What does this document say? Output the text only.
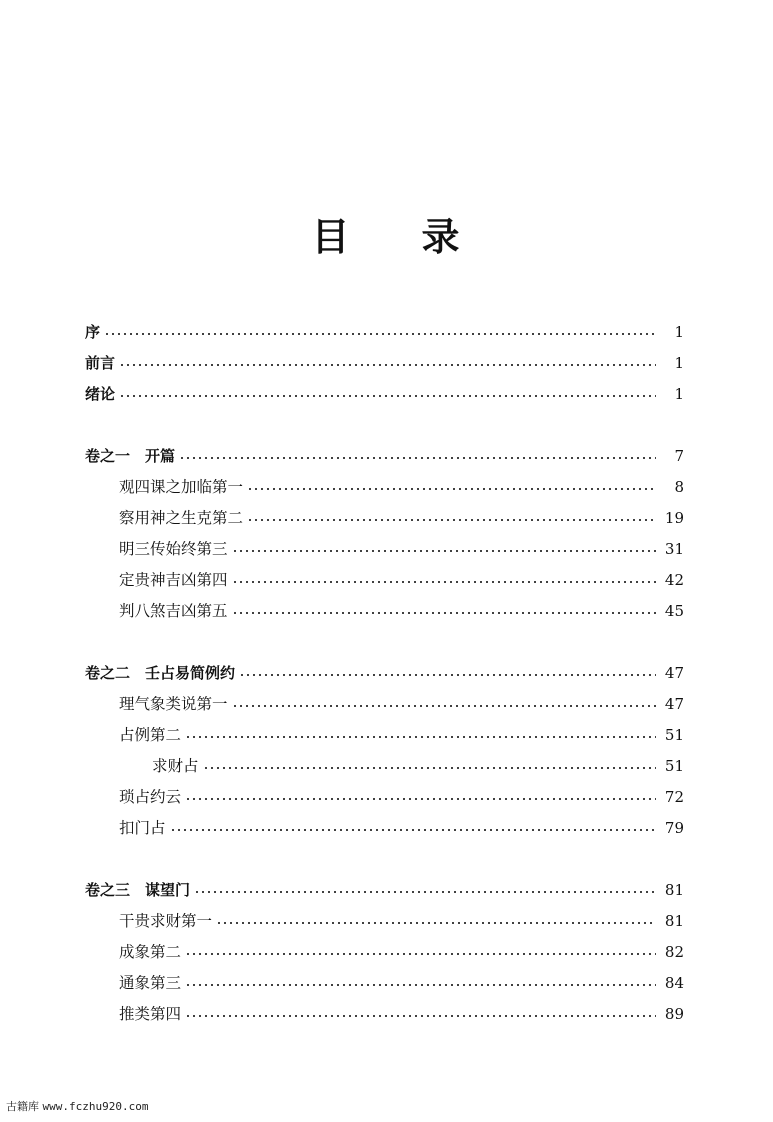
目 录
序	1
前言	1
绪论	1
卷之一　开篇	7
观四课之加临第一	8
察用神之生克第二	19
明三传始终第三	31
定贵神吉凶第四	42
判八煞吉凶第五	45
卷之二　壬占易简例约	47
理气象类说第一	47
占例第二	51
求财占	51
琐占约云	72
扣门占	79
卷之三　谋望门	81
干贵求财第一	81
成象第二	82
通象第三	84
推类第四	89
古籍库 www.fczhu920.com
